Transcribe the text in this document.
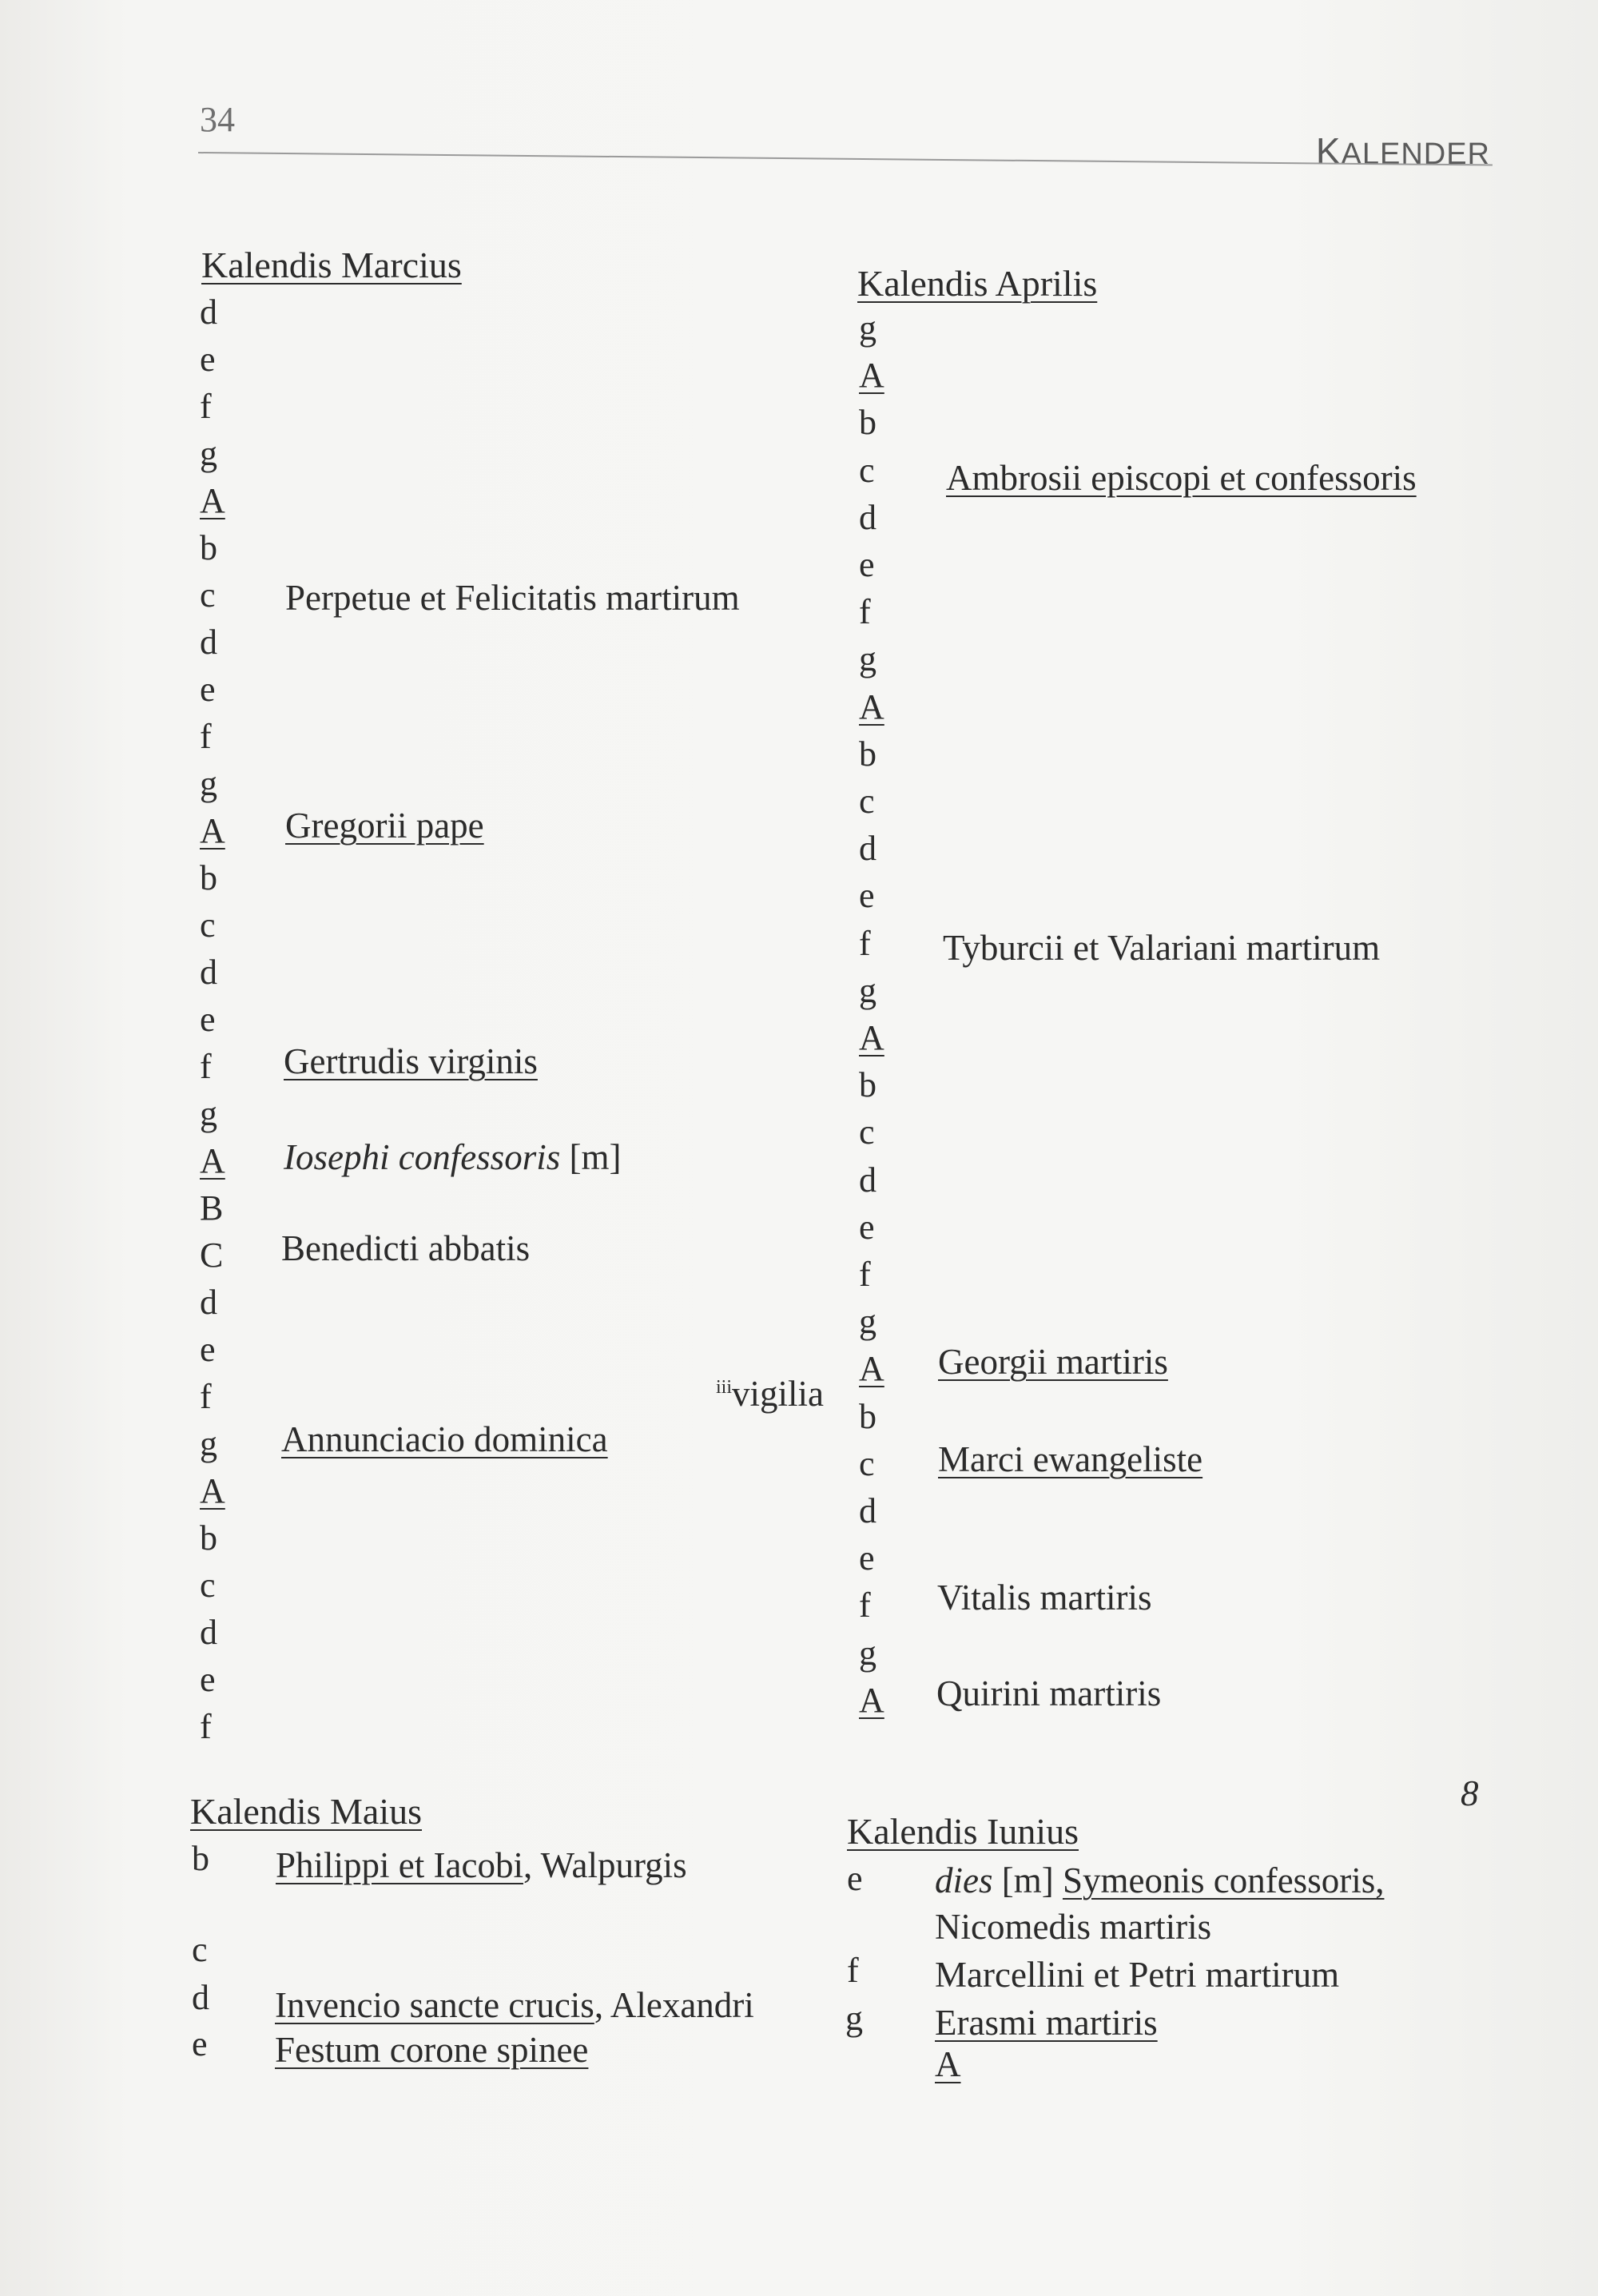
34
KALENDER
Kalendis Marcius
d
e
f
g
A
b
c
d
e
f
g
A
b
c
d
e
f
g
A
B
C
d
e
f
g
A
b
c
d
e
f
Perpetue et Felicitatis martirum
Gregorii pape
Gertrudis virginis
Iosephi confessoris [m]
Benedicti abbatis
$^{iii}$vigilia
Annunciacio dominica
Kalendis Aprilis
g
A
b
c
d
e
f
g
A
b
c
d
e
f
g
A
b
c
d
e
f
g
A
b
c
d
e
f
g
A
Ambrosii episcopi et confessoris
Tyburcii et Valariani martirum
Georgii martiris
Marci ewangeliste
Vitalis martiris
Quirini martiris
Kalendis Maius
b
c
d
e
Philippi et Iacobi, Walpurgis
Invencio sancte crucis, Alexandri
Festum corone spinee
Kalendis Iunius
e
f
g
dies [m] Symeonis confessoris,
Nicomedis martiris
Marcellini et Petri martirum
Erasmi martiris
A
8
